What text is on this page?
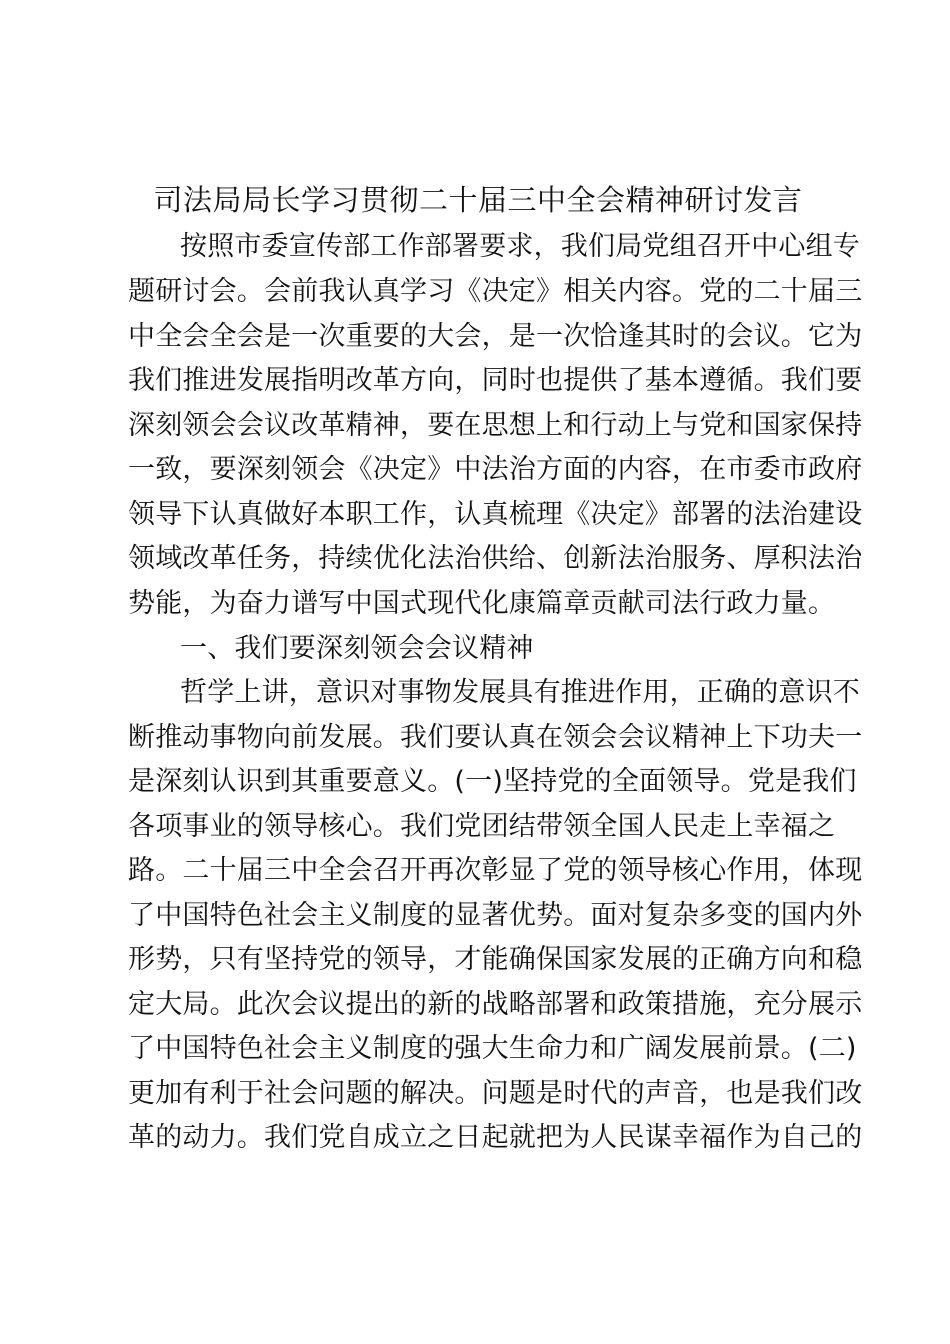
司法局局长学习贯彻二十届三中全会精神研讨发言
按照市委宣传部工作部署要求，我们局党组召开中心组专
题研讨会。会前我认真学习《决定》相关内容。党的二十届三
中全会全会是一次重要的大会，是一次恰逢其时的会议。它为
我们推进发展指明改革方向，同时也提供了基本遵循。我们要
深刻领会会议改革精神，要在思想上和行动上与党和国家保持
一致，要深刻领会《决定》中法治方面的内容，在市委市政府
领导下认真做好本职工作，认真梳理《决定》部署的法治建设
领域改革任务，持续优化法治供给、创新法治服务、厚积法治
势能，为奋力谱写中国式现代化康篇章贡献司法行政力量。
一、我们要深刻领会会议精神
哲学上讲，意识对事物发展具有推进作用，正确的意识不
断推动事物向前发展。我们要认真在领会会议精神上下功夫一
是深刻认识到其重要意义。(一)坚持党的全面领导。党是我们
各项事业的领导核心。我们党团结带领全国人民走上幸福之
路。二十届三中全会召开再次彰显了党的领导核心作用，体现
了中国特色社会主义制度的显著优势。面对复杂多变的国内外
形势，只有坚持党的领导，才能确保国家发展的正确方向和稳
定大局。此次会议提出的新的战略部署和政策措施，充分展示
了中国特色社会主义制度的强大生命力和广阔发展前景。(二)
更加有利于社会问题的解决。问题是时代的声音，也是我们改
革的动力。我们党自成立之日起就把为人民谋幸福作为自己的
